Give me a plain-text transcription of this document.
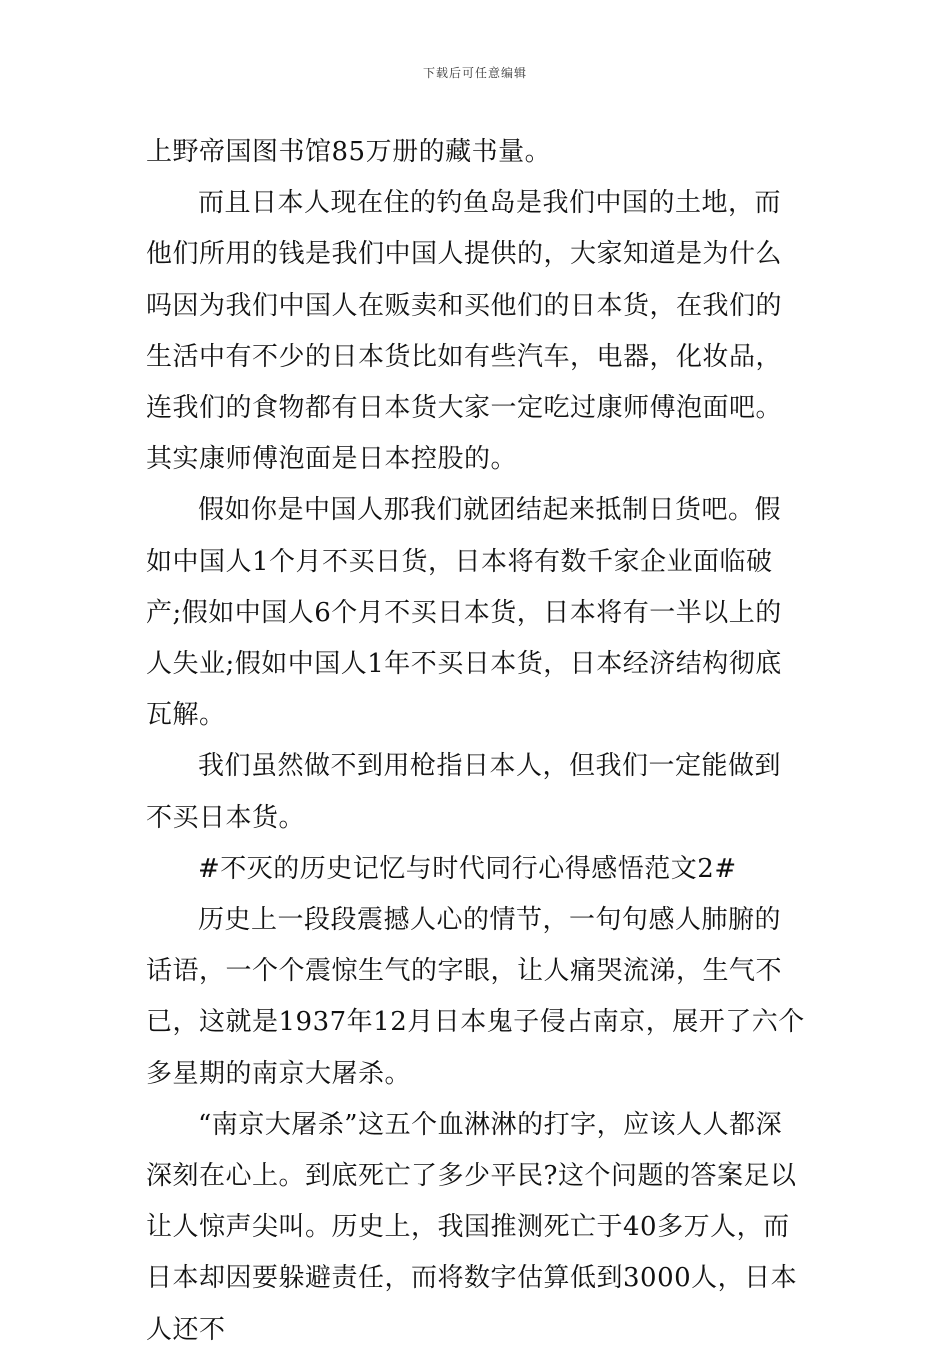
下载后可任意编辑

上野帝国图书馆85万册的藏书量。

而且日本人现在住的钓鱼岛是我们中国的土地，而他们所用的钱是我们中国人提供的，大家知道是为什么吗因为我们中国人在贩卖和买他们的日本货，在我们的生活中有不少的日本货比如有些汽车，电器，化妆品，连我们的食物都有日本货大家一定吃过康师傅泡面吧。其实康师傅泡面是日本控股的。

假如你是中国人那我们就团结起来抵制日货吧。假如中国人1个月不买日货，日本将有数千家企业面临破产;假如中国人6个月不买日本货，日本将有一半以上的人失业;假如中国人1年不买日本货，日本经济结构彻底瓦解。

我们虽然做不到用枪指日本人，但我们一定能做到不买日本货。

#不灭的历史记忆与时代同行心得感悟范文2#

历史上一段段震撼人心的情节，一句句感人肺腑的话语，一个个震惊生气的字眼，让人痛哭流涕，生气不已，这就是1937年12月日本鬼子侵占南京，展开了六个多星期的南京大屠杀。

“南京大屠杀”这五个血淋淋的打字，应该人人都深深刻在心上。到底死亡了多少平民?这个问题的答案足以让人惊声尖叫。历史上，我国推测死亡于40多万人，而日本却因要躲避责任，而将数字估算低到3000人，日本人还不
